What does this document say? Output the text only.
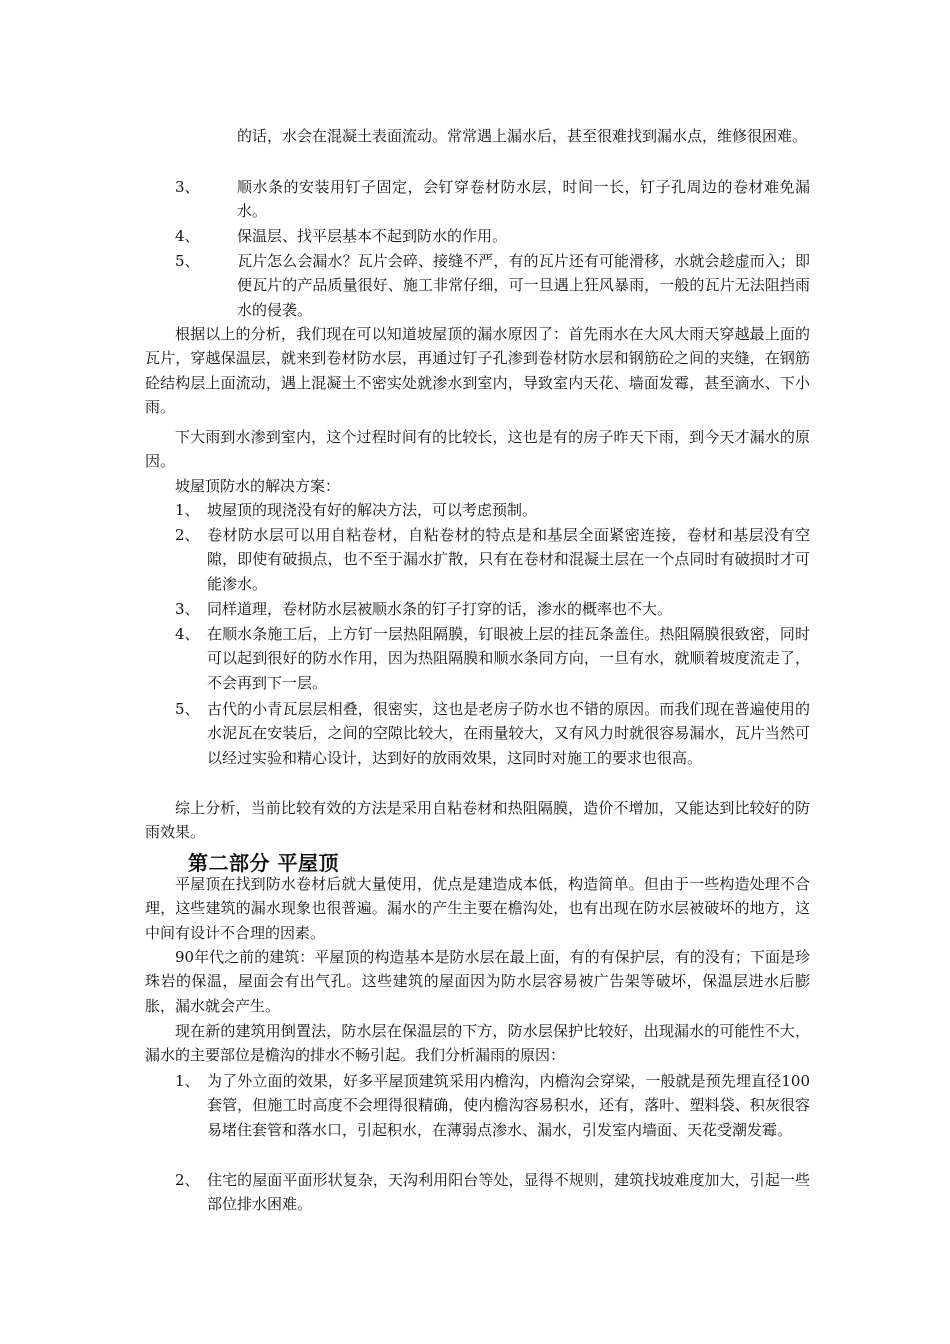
的话，水会在混凝土表面流动。常常遇上漏水后，甚至很难找到漏水点，维修很困难。

3、 顺水条的安装用钉子固定，会钉穿卷材防水层，时间一长，钉子孔周边的卷材难免漏水。
4、 保温层、找平层基本不起到防水的作用。
5、 瓦片怎么会漏水？瓦片会碎、接缝不严，有的瓦片还有可能滑移，水就会趁虚而入；即便瓦片的产品质量很好、施工非常仔细，可一旦遇上狂风暴雨，一般的瓦片无法阻挡雨水的侵袭。

根据以上的分析，我们现在可以知道坡屋顶的漏水原因了：首先雨水在大风大雨天穿越最上面的瓦片，穿越保温层，就来到卷材防水层，再通过钉子孔渗到卷材防水层和钢筋砼之间的夹缝，在钢筋砼结构层上面流动，遇上混凝土不密实处就渗水到室内，导致室内天花、墙面发霉，甚至滴水、下小雨。

下大雨到水渗到室内，这个过程时间有的比较长，这也是有的房子昨天下雨，到今天才漏水的原因。

坡屋顶防水的解决方案：

1、 坡屋顶的现浇没有好的解决方法，可以考虑预制。
2、 卷材防水层可以用自粘卷材，自粘卷材的特点是和基层全面紧密连接，卷材和基层没有空隙，即使有破损点，也不至于漏水扩散，只有在卷材和混凝土层在一个点同时有破损时才可能渗水。
3、 同样道理，卷材防水层被顺水条的钉子打穿的话，渗水的概率也不大。
4、 在顺水条施工后，上方钉一层热阻隔膜，钉眼被上层的挂瓦条盖住。热阻隔膜很致密，同时可以起到很好的防水作用，因为热阻隔膜和顺水条同方向，一旦有水，就顺着坡度流走了，不会再到下一层。
5、 古代的小青瓦层层相叠，很密实，这也是老房子防水也不错的原因。而我们现在普遍使用的水泥瓦在安装后，之间的空隙比较大，在雨量较大，又有风力时就很容易漏水，瓦片当然可以经过实验和精心设计，达到好的放雨效果，这同时对施工的要求也很高。

综上分析，当前比较有效的方法是采用自粘卷材和热阻隔膜，造价不增加，又能达到比较好的防雨效果。

第二部分 平屋顶

平屋顶在找到防水卷材后就大量使用，优点是建造成本低，构造简单。但由于一些构造处理不合理，这些建筑的漏水现象也很普遍。漏水的产生主要在檐沟处，也有出现在防水层被破坏的地方，这中间有设计不合理的因素。

90年代之前的建筑：平屋顶的构造基本是防水层在最上面，有的有保护层，有的没有；下面是珍珠岩的保温，屋面会有出气孔。这些建筑的屋面因为防水层容易被广告架等破坏，保温层进水后膨胀，漏水就会产生。

现在新的建筑用倒置法，防水层在保温层的下方，防水层保护比较好，出现漏水的可能性不大，漏水的主要部位是檐沟的排水不畅引起。我们分析漏雨的原因：

1、 为了外立面的效果，好多平屋顶建筑采用内檐沟，内檐沟会穿梁，一般就是预先埋直径100套管，但施工时高度不会埋得很精确，使内檐沟容易积水，还有，落叶、塑料袋、积灰很容易堵住套管和落水口，引起积水，在薄弱点渗水、漏水，引发室内墙面、天花受潮发霉。
2、 住宅的屋面平面形状复杂，天沟利用阳台等处，显得不规则，建筑找坡难度加大，引起一些部位排水困难。
